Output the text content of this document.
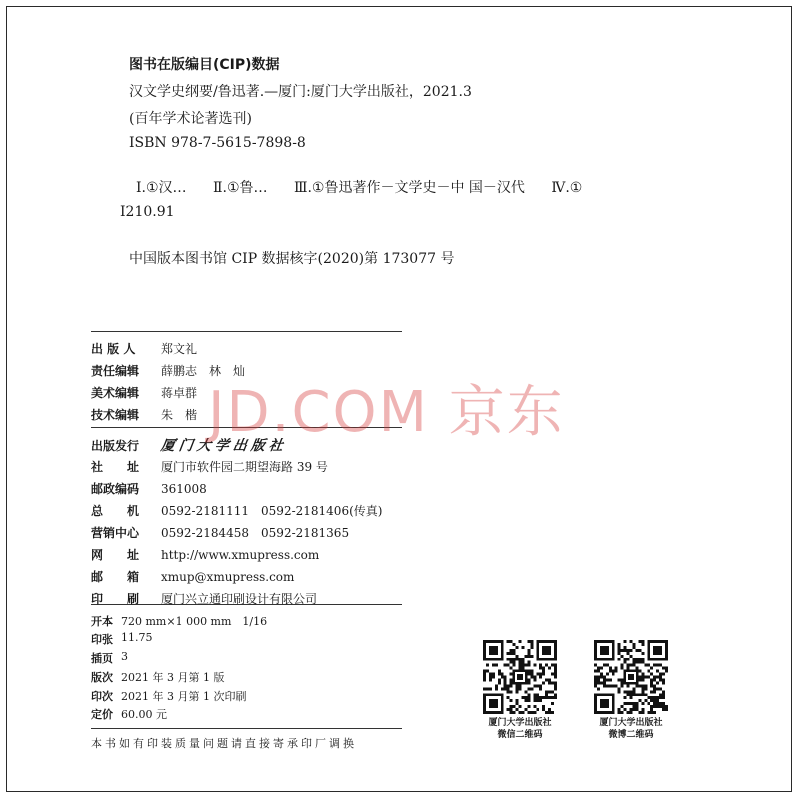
图书在版编目(CIP)数据
汉文学史纲要/鲁迅著.—厦门:厦门大学出版社，2021.3
(百年学术论著选刊)
ISBN 978-7-5615-7898-8
Ⅰ.①汉… Ⅱ.①鲁… Ⅲ.①鲁迅著作－文学史－中 国－汉代 Ⅳ.①
I210.91
中国版本图书馆 CIP 数据核字(2020)第 173077 号
出 版 人	郑文礼
责任编辑	薛鹏志　林　灿
美术编辑	蒋卓群
技术编辑	朱　楷
出版发行	厦门大学出版社
社　　址	厦门市软件园二期望海路 39 号
邮政编码	361008
总　　机	0592-2181111　0592-2181406(传真)
营销中心	0592-2184458　0592-2181365
网　　址	http://www.xmupress.com
邮　　箱	xmup@xmupress.com
印　　刷	厦门兴立通印刷设计有限公司
开本 720 mm×1 000 mm　1/16
印张 11.75
插页 3
版次 2021 年 3 月第 1 版
印次 2021 年 3 月第 1 次印刷
定价 60.00 元
本书如有印装质量问题请直接寄承印厂调换
JD.COM 京东
厦门大学出版社
微信二维码
厦门大学出版社
微博二维码
